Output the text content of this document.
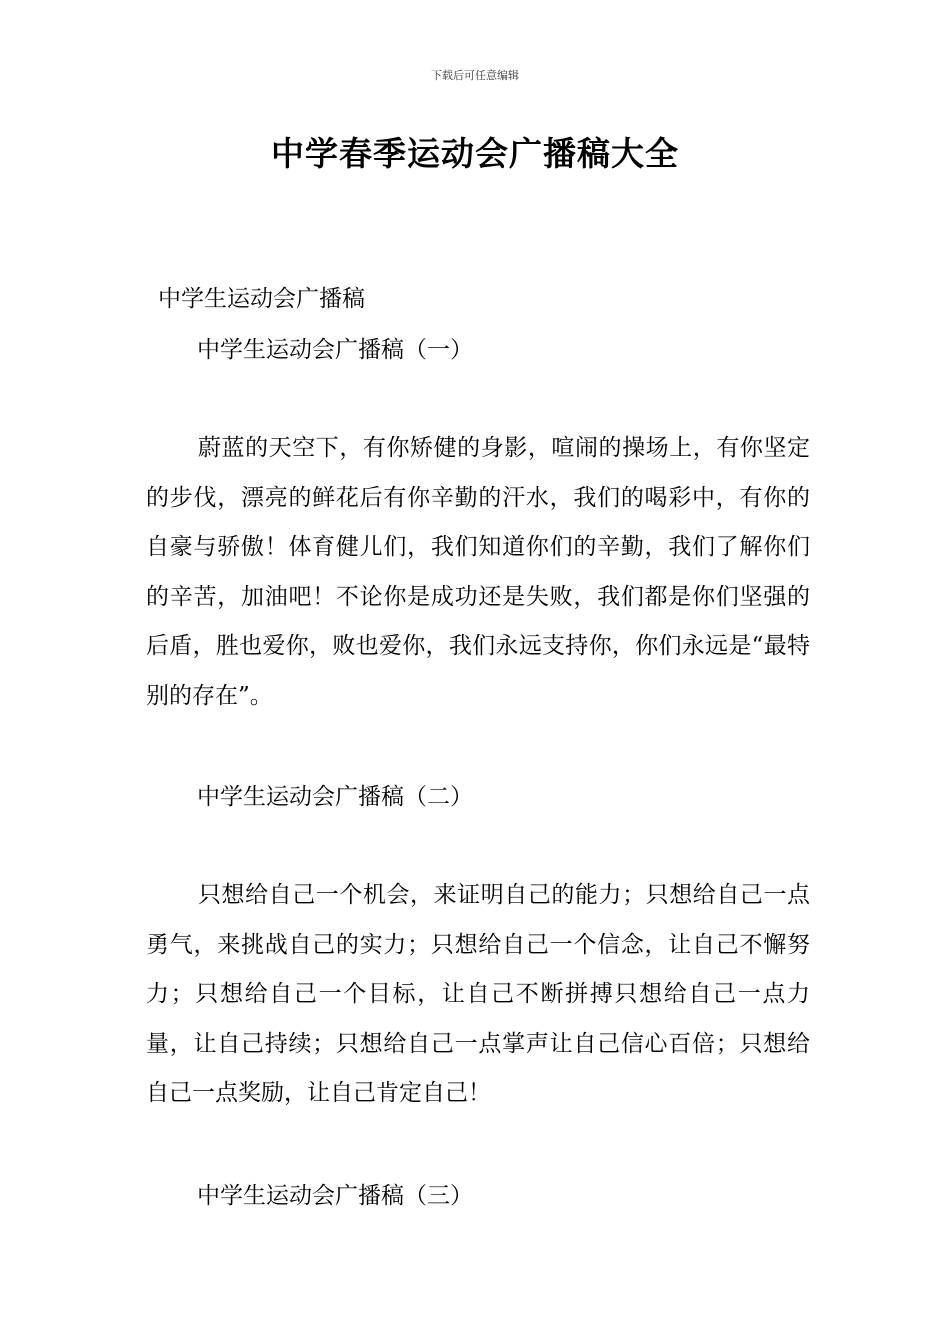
下载后可任意编辑
中学春季运动会广播稿大全
中学生运动会广播稿
中学生运动会广播稿（一）
蔚蓝的天空下，有你矫健的身影，喧闹的操场上，有你坚定的步伐，漂亮的鲜花后有你辛勤的汗水，我们的喝彩中，有你的自豪与骄傲！体育健儿们，我们知道你们的辛勤，我们了解你们的辛苦，加油吧！不论你是成功还是失败，我们都是你们坚强的后盾，胜也爱你，败也爱你，我们永远支持你，你们永远是“最特别的存在”。
中学生运动会广播稿（二）
只想给自己一个机会，来证明自己的能力；只想给自己一点勇气，来挑战自己的实力；只想给自己一个信念，让自己不懈努力；只想给自己一个目标，让自己不断拼搏只想给自己一点力量，让自己持续；只想给自己一点掌声让自己信心百倍；只想给自己一点奖励，让自己肯定自己！
中学生运动会广播稿（三）
